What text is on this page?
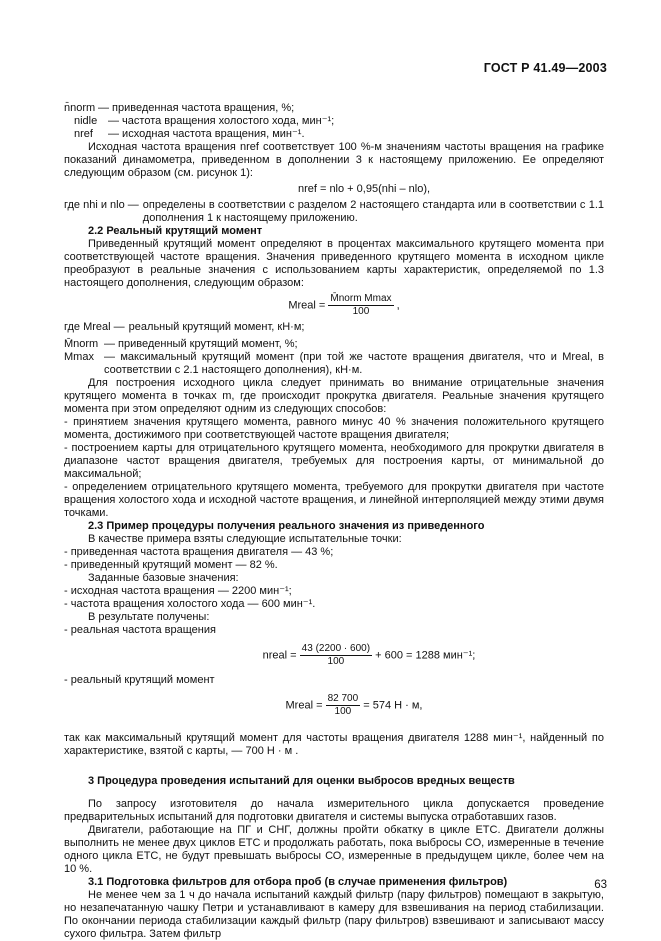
ГОСТ Р 41.49—2003
n̄norm — приведенная частота вращения, %;
nidle — частота вращения холостого хода, мин⁻¹;
nref	— исходная частота вращения, мин⁻¹.

Исходная частота вращения nref соответствует 100 %-м значениям частоты вращения на графике показаний динамометра, приведенном в дополнении 3 к настоящему приложению. Ее определяют следующим образом (см. рисунок 1):

nref = nlo + 0,95(nhi – nlo),
где nhi и nlo — определены в соответствии с разделом 2 настоящего стандарта или в соответствии с 1.1 дополнения 1 к настоящему приложению.

2.2 Реальный крутящий момент

Приведенный крутящий момент определяют в процентах максимального крутящего момента при соответствующей частоте вращения. Значения приведенного крутящего момента в исходном цикле преобразуют в реальные значения с использованием карты характеристик, определяемой по 1.3 настоящего дополнения, следующим образом:

Mreal = $\frac{\text{M̄norm Mmax}}{100}$ ,
где Mreal — реальный крутящий момент, кН·м;
M̄norm — приведенный крутящий момент, %;
Mmax — максимальный крутящий момент (при той же частоте вращения двигателя, что и Mreal, в соответствии с 2.1 настоящего дополнения), кН·м.

Для построения исходного цикла следует принимать во внимание отрицательные значения крутящего момента в точках m, где происходит прокрутка двигателя. Реальные значения крутящего момента при этом определяют одним из следующих способов:

- принятием значения крутящего момента, равного минус 40 % значения положительного крутящего момента, достижимого при соответствующей частоте вращения двигателя;

- построением карты для отрицательного крутящего момента, необходимого для прокрутки двигателя в диапазоне частот вращения двигателя, требуемых для построения карты, от минимальной до максимальной;

- определением отрицательного крутящего момента, требуемого для прокрутки двигателя при частоте вращения холостого хода и исходной частоте вращения, и линейной интерполяцией между этими двумя точками.

2.3 Пример процедуры получения реального значения из приведенного

В качестве примера взяты следующие испытательные точки:

- приведенная частота вращения двигателя — 43 %;

- приведенный крутящий момент — 82 %.

Заданные базовые значения:

- исходная частота вращения — 2200 мин⁻¹;

- частота вращения холостого хода — 600 мин⁻¹.

В результате получены:

- реальная частота вращения

nreal = $\frac{43 (2200 \cdot 600)}{100} + 600 = 1288$ мин⁻¹;

- реальный крутящий момент

Mreal = $\frac{82 700}{100} = 574$ Н · м,

так как максимальный крутящий момент для частоты вращения двигателя 1288 мин⁻¹, найденный по характеристике, взятой с карты, — 700 Н · м .

3 Процедура проведения испытаний для оценки выбросов вредных веществ

По запросу изготовителя до начала измерительного цикла допускается проведение предварительных испытаний для подготовки двигателя и системы выпуска отработавших газов.

Двигатели, работающие на ПГ и СНГ, должны пройти обкатку в цикле ЕТС. Двигатели должны выполнить не менее двух циклов ЕТС и продолжать работать, пока выбросы СО, измеренные в течение одного цикла ЕТС, не будут превышать выбросы СО, измеренные в предыдущем цикле, более чем на 10 %.

3.1 Подготовка фильтров для отбора проб (в случае применения фильтров)

Не менее чем за 1 ч до начала испытаний каждый фильтр (пару фильтров) помещают в закрытую, но незапечатанную чашку Петри и устанавливают в камеру для взвешивания на период стабилизации. По окончании периода стабилизации каждый фильтр (пару фильтров) взвешивают и записывают массу сухого фильтра. Затем фильтр

63
